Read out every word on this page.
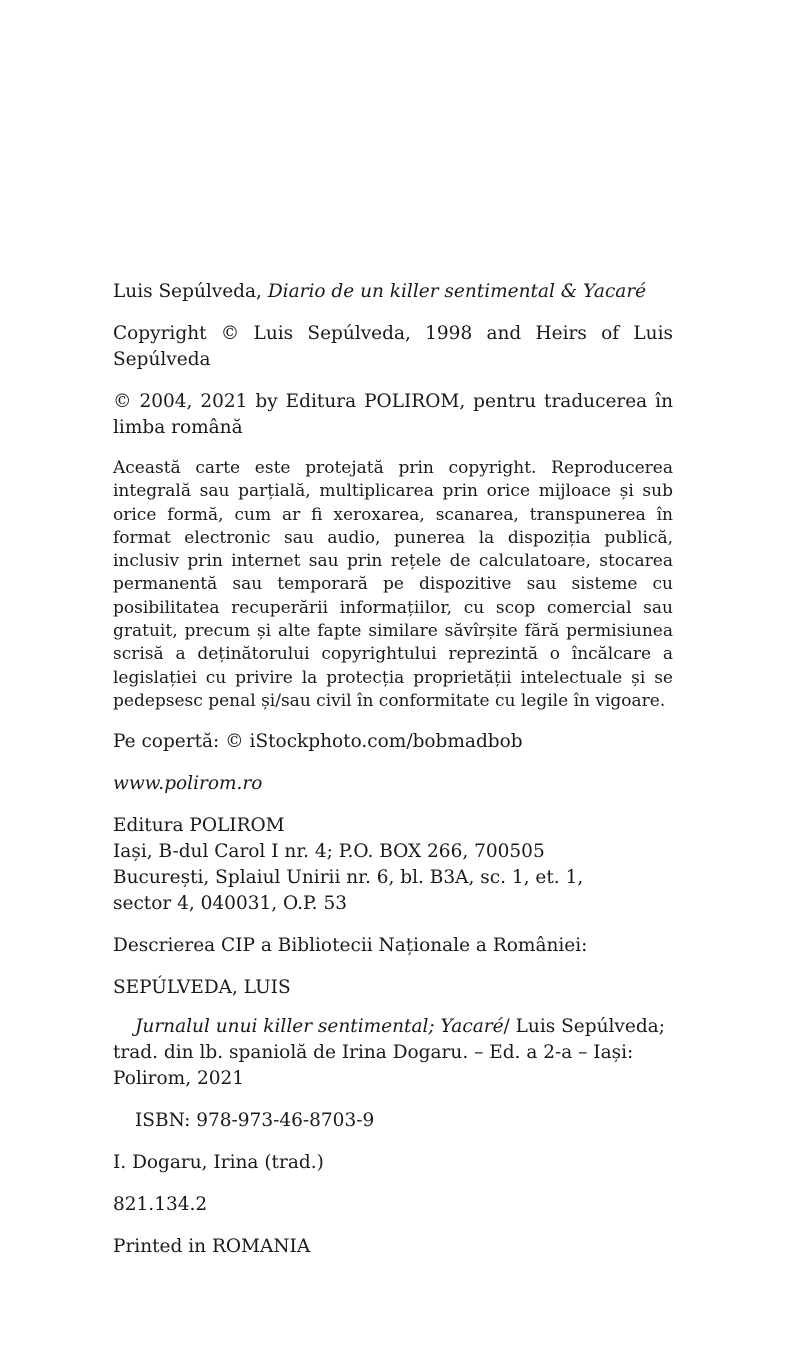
Luis Sepúlveda, Diario de un killer sentimental & Yacaré
Copyright © Luis Sepúlveda, 1998 and Heirs of Luis Sepúlveda
© 2004, 2021 by Editura POLIROM, pentru traducerea în limba română
Această carte este protejată prin copyright. Reproducerea integrală sau parțială, multiplicarea prin orice mijloace și sub orice formă, cum ar fi xeroxarea, scanarea, transpunerea în format electronic sau audio, punerea la dispoziția publică, inclusiv prin internet sau prin rețele de calculatoare, stocarea permanentă sau temporară pe dispozitive sau sisteme cu posibilitatea recuperării informațiilor, cu scop comercial sau gratuit, precum și alte fapte similare săvîrșite fără permisiunea scrisă a deținătorului copyrightului reprezintă o încălcare a legislației cu privire la protecția proprietății intelectuale și se pedepsesc penal și/sau civil în conformitate cu legile în vigoare.
Pe copertă: © iStockphoto.com/bobmadbob
www.polirom.ro
Editura POLIROM
Iași, B-dul Carol I nr. 4; P.O. BOX 266, 700505
București, Splaiul Unirii nr. 6, bl. B3A, sc. 1, et. 1,
sector 4, 040031, O.P. 53
Descrierea CIP a Bibliotecii Naționale a României:
SEPÚLVEDA, LUIS
Jurnalul unui killer sentimental; Yacaré/ Luis Sepúlveda; trad. din lb. spaniolă de Irina Dogaru. – Ed. a 2-a – Iași: Polirom, 2021
ISBN: 978-973-46-8703-9
I. Dogaru, Irina (trad.)
821.134.2
Printed in ROMANIA
